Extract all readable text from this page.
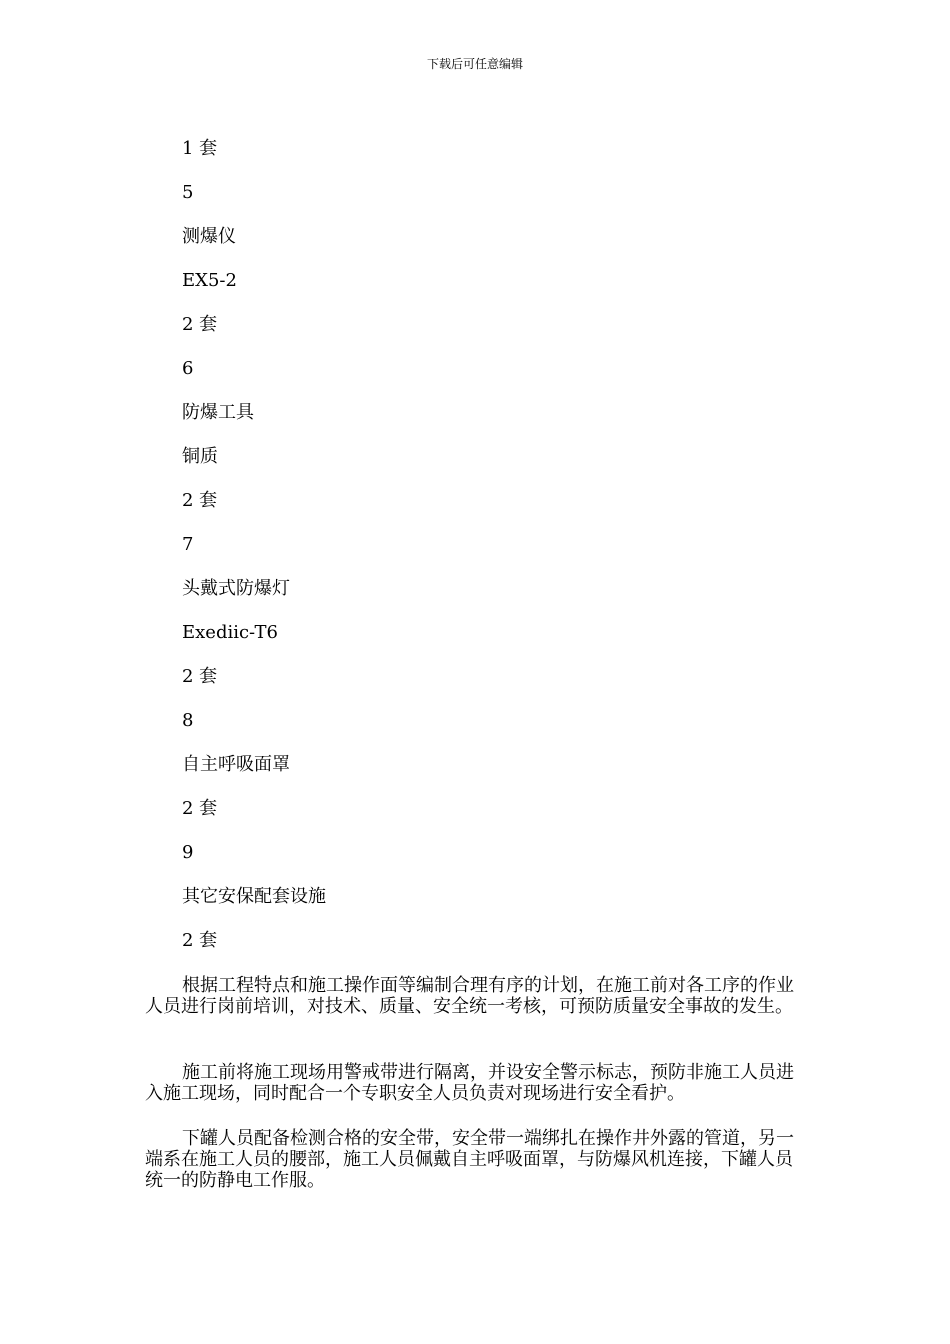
下载后可任意编辑
1 套
5
测爆仪
EX5-2
2 套
6
防爆工具
铜质
2 套
7
头戴式防爆灯
Exediic-T6
2 套
8
自主呼吸面罩
2 套
9
其它安保配套设施
2 套
根据工程特点和施工操作面等编制合理有序的计划，在施工前对各工序的作业人员进行岗前培训，对技术、质量、安全统一考核，可预防质量安全事故的发生。
施工前将施工现场用警戒带进行隔离，并设安全警示标志，预防非施工人员进入施工现场，同时配合一个专职安全人员负责对现场进行安全看护。
下罐人员配备检测合格的安全带，安全带一端绑扎在操作井外露的管道，另一端系在施工人员的腰部，施工人员佩戴自主呼吸面罩，与防爆风机连接，下罐人员统一的防静电工作服。
